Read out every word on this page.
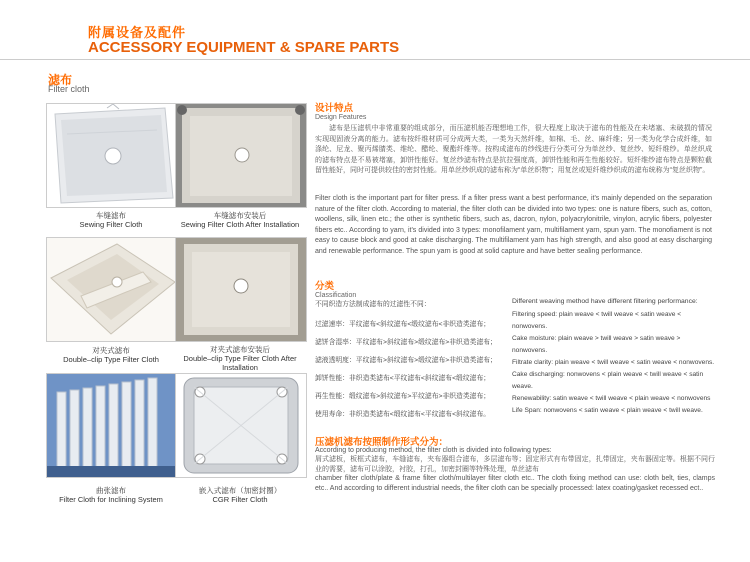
附属设备及配件
ACCESSORY EQUIPMENT & SPARE PARTS
滤布
Filter cloth
车缝滤布
Sewing Filter Cloth
车缝滤布安装后
Sewing Filter Cloth After Installation
对夹式滤布
Double–clip Type Filter Cloth
对夹式滤布安装后
Double–clip Type Filter Cloth After Installation
曲张滤布
Filter Cloth for Inclining System
嵌入式滤布（加密封圈）
CGR Filter Cloth
设计特点
Design Features
滤布是压滤机中非常重要的组成部分，而压滤机能否理想地工作，很大程度上取决于滤布的性能及在未堵塞、未破损的情况实现现固液分离的能力。滤布按纤维材质可分成两大类，一类为天然纤维，如棉、毛、丝、麻纤维；另一类为化学合成纤维，如涤纶、尼龙、聚丙烯腈类、维纶、醋纶、聚酯纤维等。按构成滤布的纱线进行分类可分为单丝纱、复丝纱、短纤维纱。单丝织成的滤布特点是不易被堵塞，卸饼性能好。复丝纱滤布特点是抗拉强度高，卸饼性能和再生性能较好。短纤维纱滤布特点是颗粒截留性能好，同时可提供较佳的密封性能。用单丝纱织成的滤布称为“单丝织物”；用复丝或短纤维纱织成的滤布统称为“复丝织物”。
Filter cloth is the important part for filter press. If a filter press want a best performance, it's mainly depended on the separation nature of the filter cloth. According to material, the filter cloth can be divided into two types: one is nature fibers, such as, cotton, woollens, silk, linen etc.; the other is synthetic fibers, such as, dacron, nylon, polyacrylonitrile, vinylon, acrylic fibers, polyester fibers etc.. According to yarn, it's divided into 3 types: monofilament yarn, multifilament yarn, spun yarn. The monofiament is not easy to cause block and good at cake discharging. The multifilament yarn has high strength, and also good at easy discharging and renewable performance. The spun yarn is good at solid capture and have better sealing performance.
分类
Classification
不同织造方法制成滤布的过滤性不同：	Different weaving method have different filtering performance:
过滤速率：平纹滤布<斜纹滤布<缎纹滤布<非织造类滤布；
滤饼含湿率：平纹滤布>斜纹滤布>缎纹滤布>非织造类滤布；
滤液透明度：平纹滤布>斜纹滤布>缎纹滤布>非织造类滤布；
卸饼性能：非织造类滤布<平纹滤布<斜纹滤布<缎纹滤布；
再生性能：缎纹滤布>斜纹滤布>平纹滤布>非织造类滤布；
使用寿命：非织造类滤布<缎纹滤布<平纹滤布<斜纹滤布。
Filtering speed: plain weave < twill weave < satin weave < nonwovens.
Cake moisture: plain weave > twill weave > satin weave > nonwovens.
Filtrate clarity: plain weave < twill weave < satin weave < nonwovens.
Cake discharging: nonwovens < plain weave < twill weave < satin weave.
Renewability: satin weave < twill weave < plain weave < nonwovens
Life Span: nonwovens < satin weave < plain weave < twill weave.
压滤机滤布按照制作形式分为：
According to producing method, the filter cloth is divided into following types:
屑式滤板，板框式滤布，车缝滤布，夹布器组合滤布，多层滤布等；固定形式有布带固定，扎带固定，夹布器固定等。根据不同行业的需要，滤布可以涂胶，衬胶，打孔，加密封圈等特殊处理，单丝滤布
chamber filter cloth/plate & frame filter cloth/multilayer filter cloth etc.. The cloth fixing method can use: cloth belt, ties, clamps etc.. And according to different industrial needs, the filter cloth can be specially processed: latex coating/gasket recessed ect..
